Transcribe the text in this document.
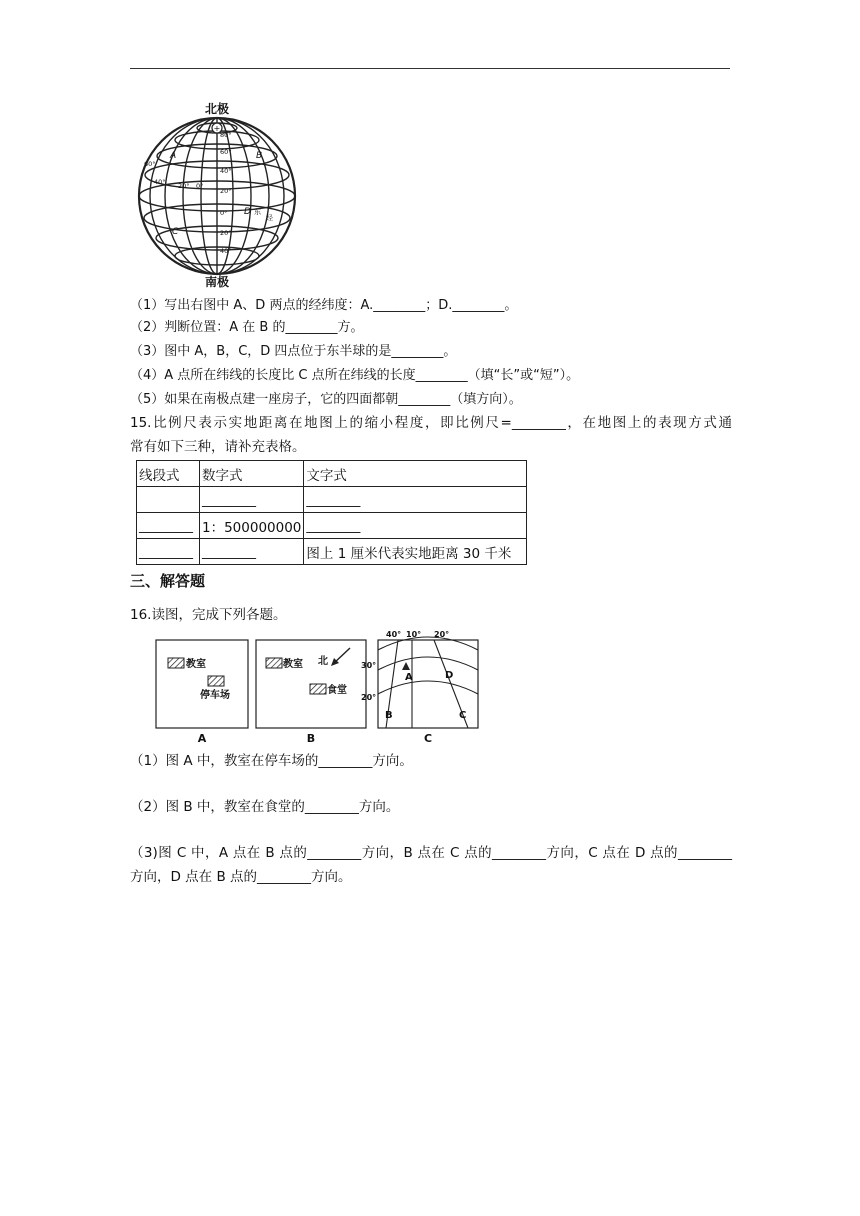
北极
南极
+
80°
60°
40°
20°
0°
20°
40°
60°
40° 20° 0°
A	B
C
D 东
经
（1）写出右图中 A、D 两点的经纬度：A.________；D.________。
（2）判断位置：A 在 B 的________方。
（3）图中 A，B，C，D 四点位于东半球的是________。
（4）A 点所在纬线的长度比 C 点所在纬线的长度________（填“长”或“短”）。
（5）如果在南极点建一座房子，它的四面都朝________（填方向）。
15.比例尺表示实地距离在地图上的缩小程度，即比例尺=________，在地图上的表现方式通
常有如下三种，请补充表格。
线段式	数字式	文字式
	________	________
________	1：500000000	________
________	________	图上 1 厘米代表实地距离 30 千米
三、解答题
16.读图，完成下列各题。
教室
停车场
A
教室 北
食堂
B
40° 10° 20°
30°
20°
A	D
B	C
C
（1）图 A 中，教室在停车场的________方向。
（2）图 B 中，教室在食堂的________方向。
（3)图 C 中，A 点在 B 点的________方向，B 点在 C 点的________方向，C 点在 D 点的________
方向，D 点在 B 点的________方向。
